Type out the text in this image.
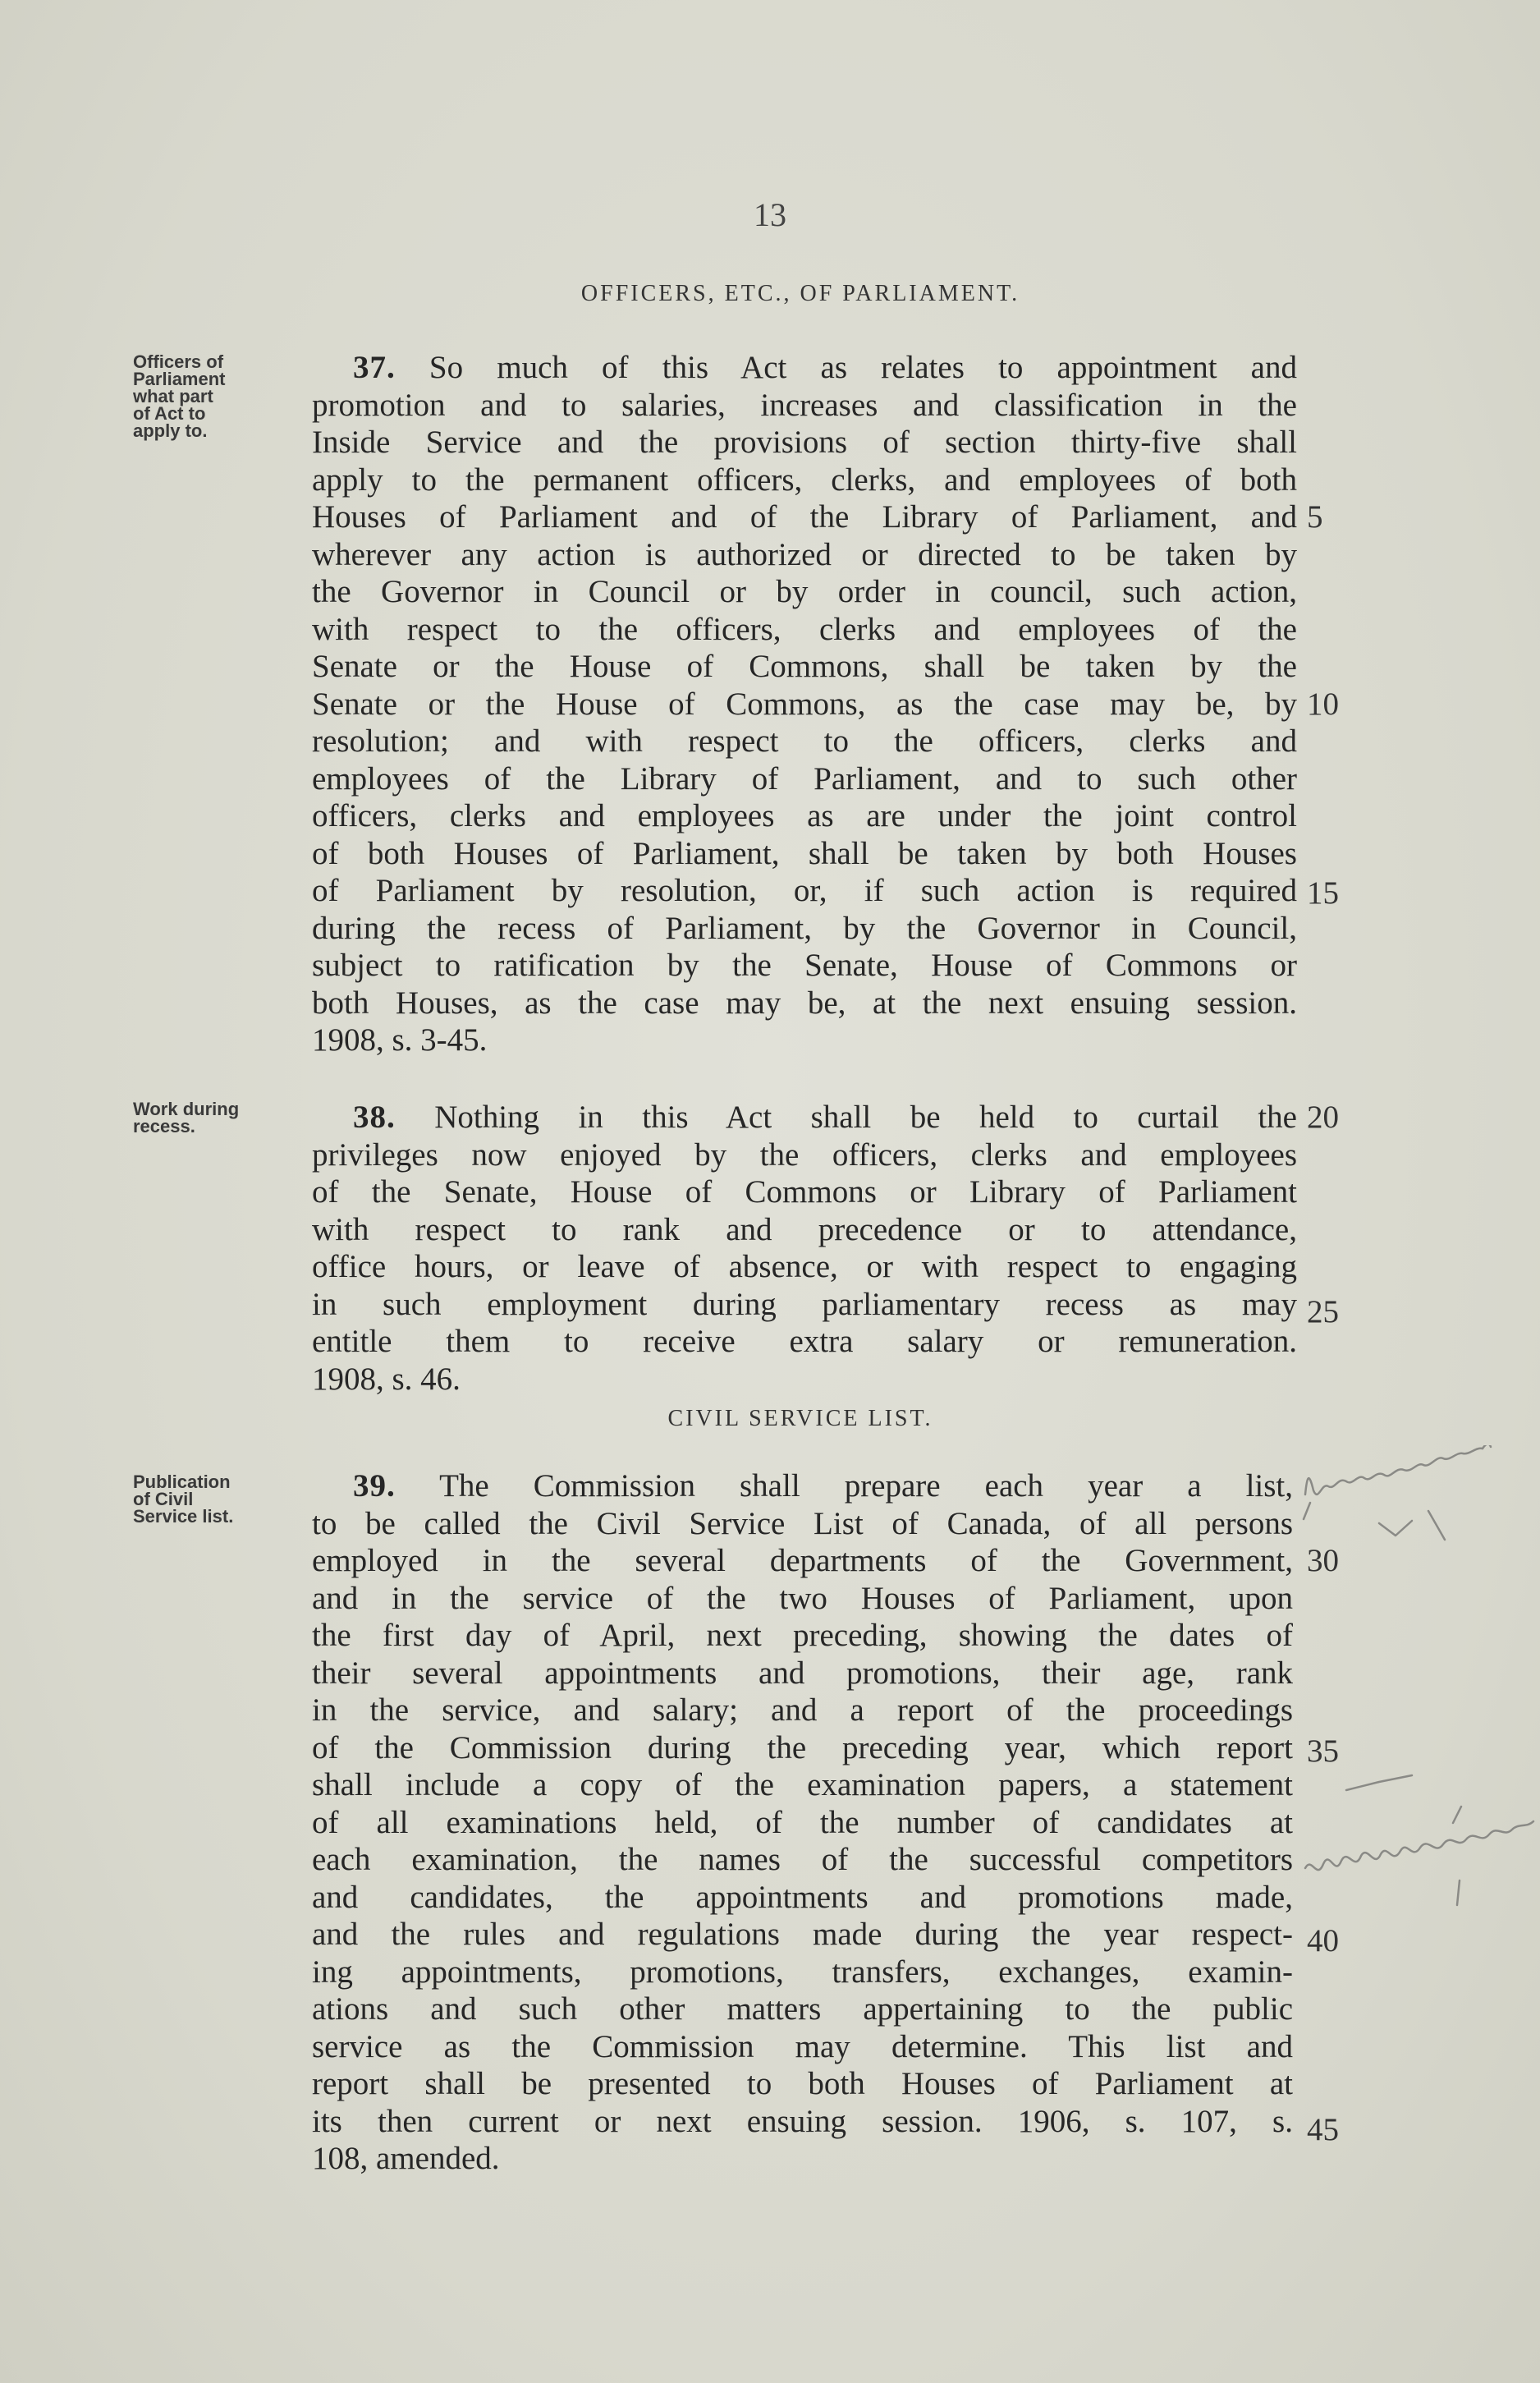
13
OFFICERS, ETC., OF PARLIAMENT.
Officers of
Parliament
what part
of Act to
apply to.
37. So much of this Act as relates to appointment and
promotion and to salaries, increases and classification in the
Inside Service and the provisions of section thirty-five shall
apply to the permanent officers, clerks, and employees of both
Houses of Parliament and of the Library of Parliament, and
wherever any action is authorized or directed to be taken by
the Governor in Council or by order in council, such action,
with respect to the officers, clerks and employees of the
Senate or the House of Commons, shall be taken by the
Senate or the House of Commons, as the case may be, by
resolution; and with respect to the officers, clerks and
employees of the Library of Parliament, and to such other
officers, clerks and employees as are under the joint control
of both Houses of Parliament, shall be taken by both Houses
of Parliament by resolution, or, if such action is required
during the recess of Parliament, by the Governor in Council,
subject to ratification by the Senate, House of Commons or
both Houses, as the case may be, at the next ensuing session.
1908, s. 3-45.
Work during
recess.	38. Nothing in this Act shall be held to curtail the
privileges now enjoyed by the officers, clerks and employees
of the Senate, House of Commons or Library of Parliament
with respect to rank and precedence or to attendance,
office hours, or leave of absence, or with respect to engaging
in such employment during parliamentary recess as may
entitle them to receive extra salary or remuneration.
1908, s. 46.
CIVIL SERVICE LIST.
Publication
of Civil
Service list.
39. The Commission shall prepare each year a list,
to be called the Civil Service List of Canada, of all persons
employed in the several departments of the Government,
and in the service of the two Houses of Parliament, upon
the first day of April, next preceding, showing the dates of
their several appointments and promotions, their age, rank
in the service, and salary; and a report of the proceedings
of the Commission during the preceding year, which report
shall include a copy of the examination papers, a statement
of all examinations held, of the number of candidates at
each examination, the names of the successful competitors
and candidates, the appointments and promotions made,
and the rules and regulations made during the year respect-
ing appointments, promotions, transfers, exchanges, examin-
ations and such other matters appertaining to the public
service as the Commission may determine. This list and
report shall be presented to both Houses of Parliament at
its then current or next ensuing session. 1906, s. 107, s.
108, amended.
5
10
15
20
25
30
35
40
45
